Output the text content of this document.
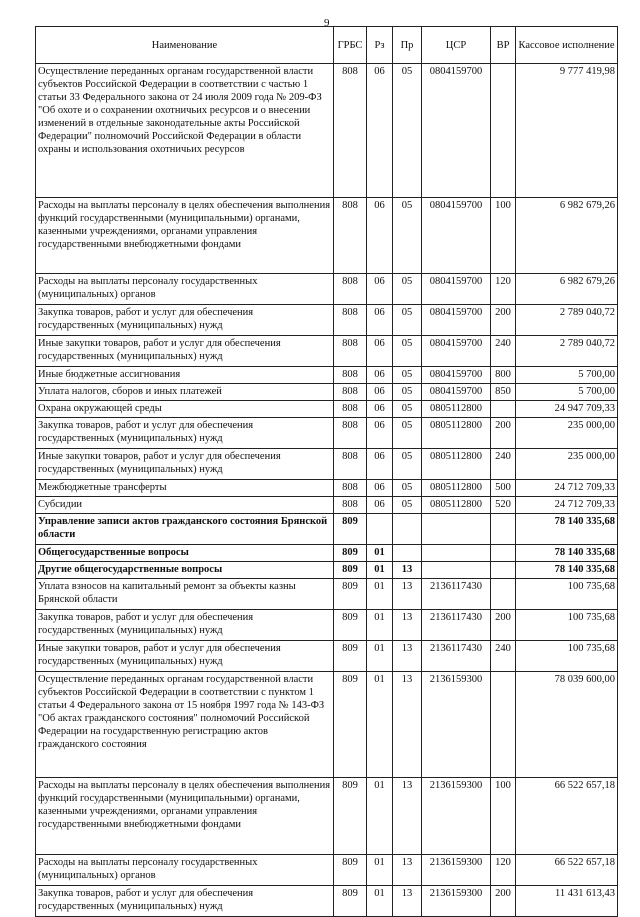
9
Наименование	ГРБС	Рз	Пр	ЦСР	ВР	Кассовое исполнение
Осуществление переданных органам государственной власти субъектов Российской Федерации в соответствии с частью 1 статьи 33 Федерального закона от 24 июля 2009 года № 209-ФЗ "Об охоте и о сохранении охотничьих ресурсов и о внесении изменений в отдельные законодательные акты Российской Федерации" полномочий Российской Федерации в области охраны и использования охотничьих ресурсов	808	06	05	0804159700		9 777 419,98
Расходы на выплаты персоналу в целях обеспечения выполнения функций государственными (муниципальными) органами, казенными учреждениями, органами управления государственными внебюджетными фондами	808	06	05	0804159700	100	6 982 679,26
Расходы на выплаты персоналу государственных (муниципальных) органов	808	06	05	0804159700	120	6 982 679,26
Закупка товаров, работ и услуг для обеспечения государственных (муниципальных) нужд	808	06	05	0804159700	200	2 789 040,72
Иные закупки товаров, работ и услуг для обеспечения государственных (муниципальных) нужд	808	06	05	0804159700	240	2 789 040,72
Иные бюджетные ассигнования	808	06	05	0804159700	800	5 700,00
Уплата налогов, сборов и иных платежей	808	06	05	0804159700	850	5 700,00
Охрана окружающей среды	808	06	05	0805112800		24 947 709,33
Закупка товаров, работ и услуг для обеспечения государственных (муниципальных) нужд	808	06	05	0805112800	200	235 000,00
Иные закупки товаров, работ и услуг для обеспечения государственных (муниципальных) нужд	808	06	05	0805112800	240	235 000,00
Межбюджетные трансферты	808	06	05	0805112800	500	24 712 709,33
Субсидии	808	06	05	0805112800	520	24 712 709,33
Управление записи актов гражданского состояния Брянской области	809					78 140 335,68
Общегосударственные вопросы	809	01				78 140 335,68
Другие общегосударственные вопросы	809	01	13			78 140 335,68
Уплата взносов на капитальный ремонт за объекты казны Брянской области	809	01	13	2136117430		100 735,68
Закупка товаров, работ и услуг для обеспечения государственных (муниципальных) нужд	809	01	13	2136117430	200	100 735,68
Иные закупки товаров, работ и услуг для обеспечения государственных (муниципальных) нужд	809	01	13	2136117430	240	100 735,68
Осуществление переданных органам государственной власти субъектов Российской Федерации в соответствии с пунктом 1 статьи 4 Федерального закона от 15 ноября 1997 года № 143-ФЗ "Об актах гражданского состояния" полномочий Российской Федерации на государственную регистрацию актов гражданского состояния	809	01	13	2136159300		78 039 600,00
Расходы на выплаты персоналу в целях обеспечения выполнения функций государственными (муниципальными) органами, казенными учреждениями, органами управления государственными внебюджетными фондами	809	01	13	2136159300	100	66 522 657,18
Расходы на выплаты персоналу государственных (муниципальных) органов	809	01	13	2136159300	120	66 522 657,18
Закупка товаров, работ и услуг для обеспечения государственных (муниципальных) нужд	809	01	13	2136159300	200	11 431 613,43
